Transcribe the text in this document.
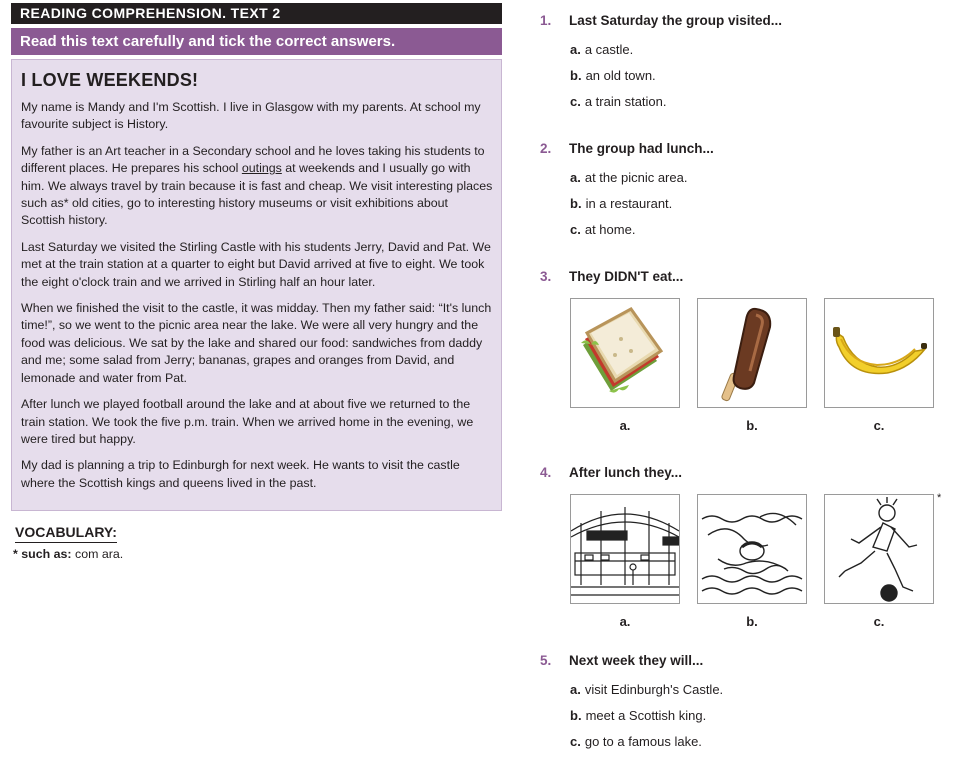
READING COMPREHENSION. TEXT 2
Read this text carefully and tick the correct answers.
I LOVE WEEKENDS!

My name is Mandy and I'm Scottish. I live in Glasgow with my parents. At school my favourite subject is History.

My father is an Art teacher in a Secondary school and he loves taking his students to different places. He prepares his school outings at weekends and I usually go with him. We always travel by train because it is fast and cheap. We visit interesting places such as* old cities, go to interesting history museums or visit exhibitions about Scottish history.

Last Saturday we visited the Stirling Castle with his students Jerry, David and Pat. We met at the train station at a quarter to eight but David arrived at five to eight. We took the eight o'clock train and we arrived in Stirling half an hour later.

When we finished the visit to the castle, it was midday. Then my father said: “It's lunch time!”, so we went to the picnic area near the lake. We were all very hungry and the food was delicious. We sat by the lake and shared our food: sandwiches from daddy and me; some salad from Jerry; bananas, grapes and oranges from David, and lemonade and water from Pat.

After lunch we played football around the lake and at about five we returned to the train station. We took the five p.m. train. When we arrived home in the evening, we were tired but happy.

My dad is planning a trip to Edinburgh for next week. He wants to visit the castle where the Scottish kings and queens lived in the past.

VOCABULARY:
* such as: com ara.
1. Last Saturday the group visited...
a. a castle.
b. an old town.
c. a train station.
2. The group had lunch...
a. at the picnic area.
b. in a restaurant.
c. at home.
3. They DIDN'T eat...
a.	b.	c.
4. After lunch they...
*
a.	b.	c.
5. Next week they will...
a. visit Edinburgh's Castle.
b. meet a Scottish king.
c. go to a famous lake.
